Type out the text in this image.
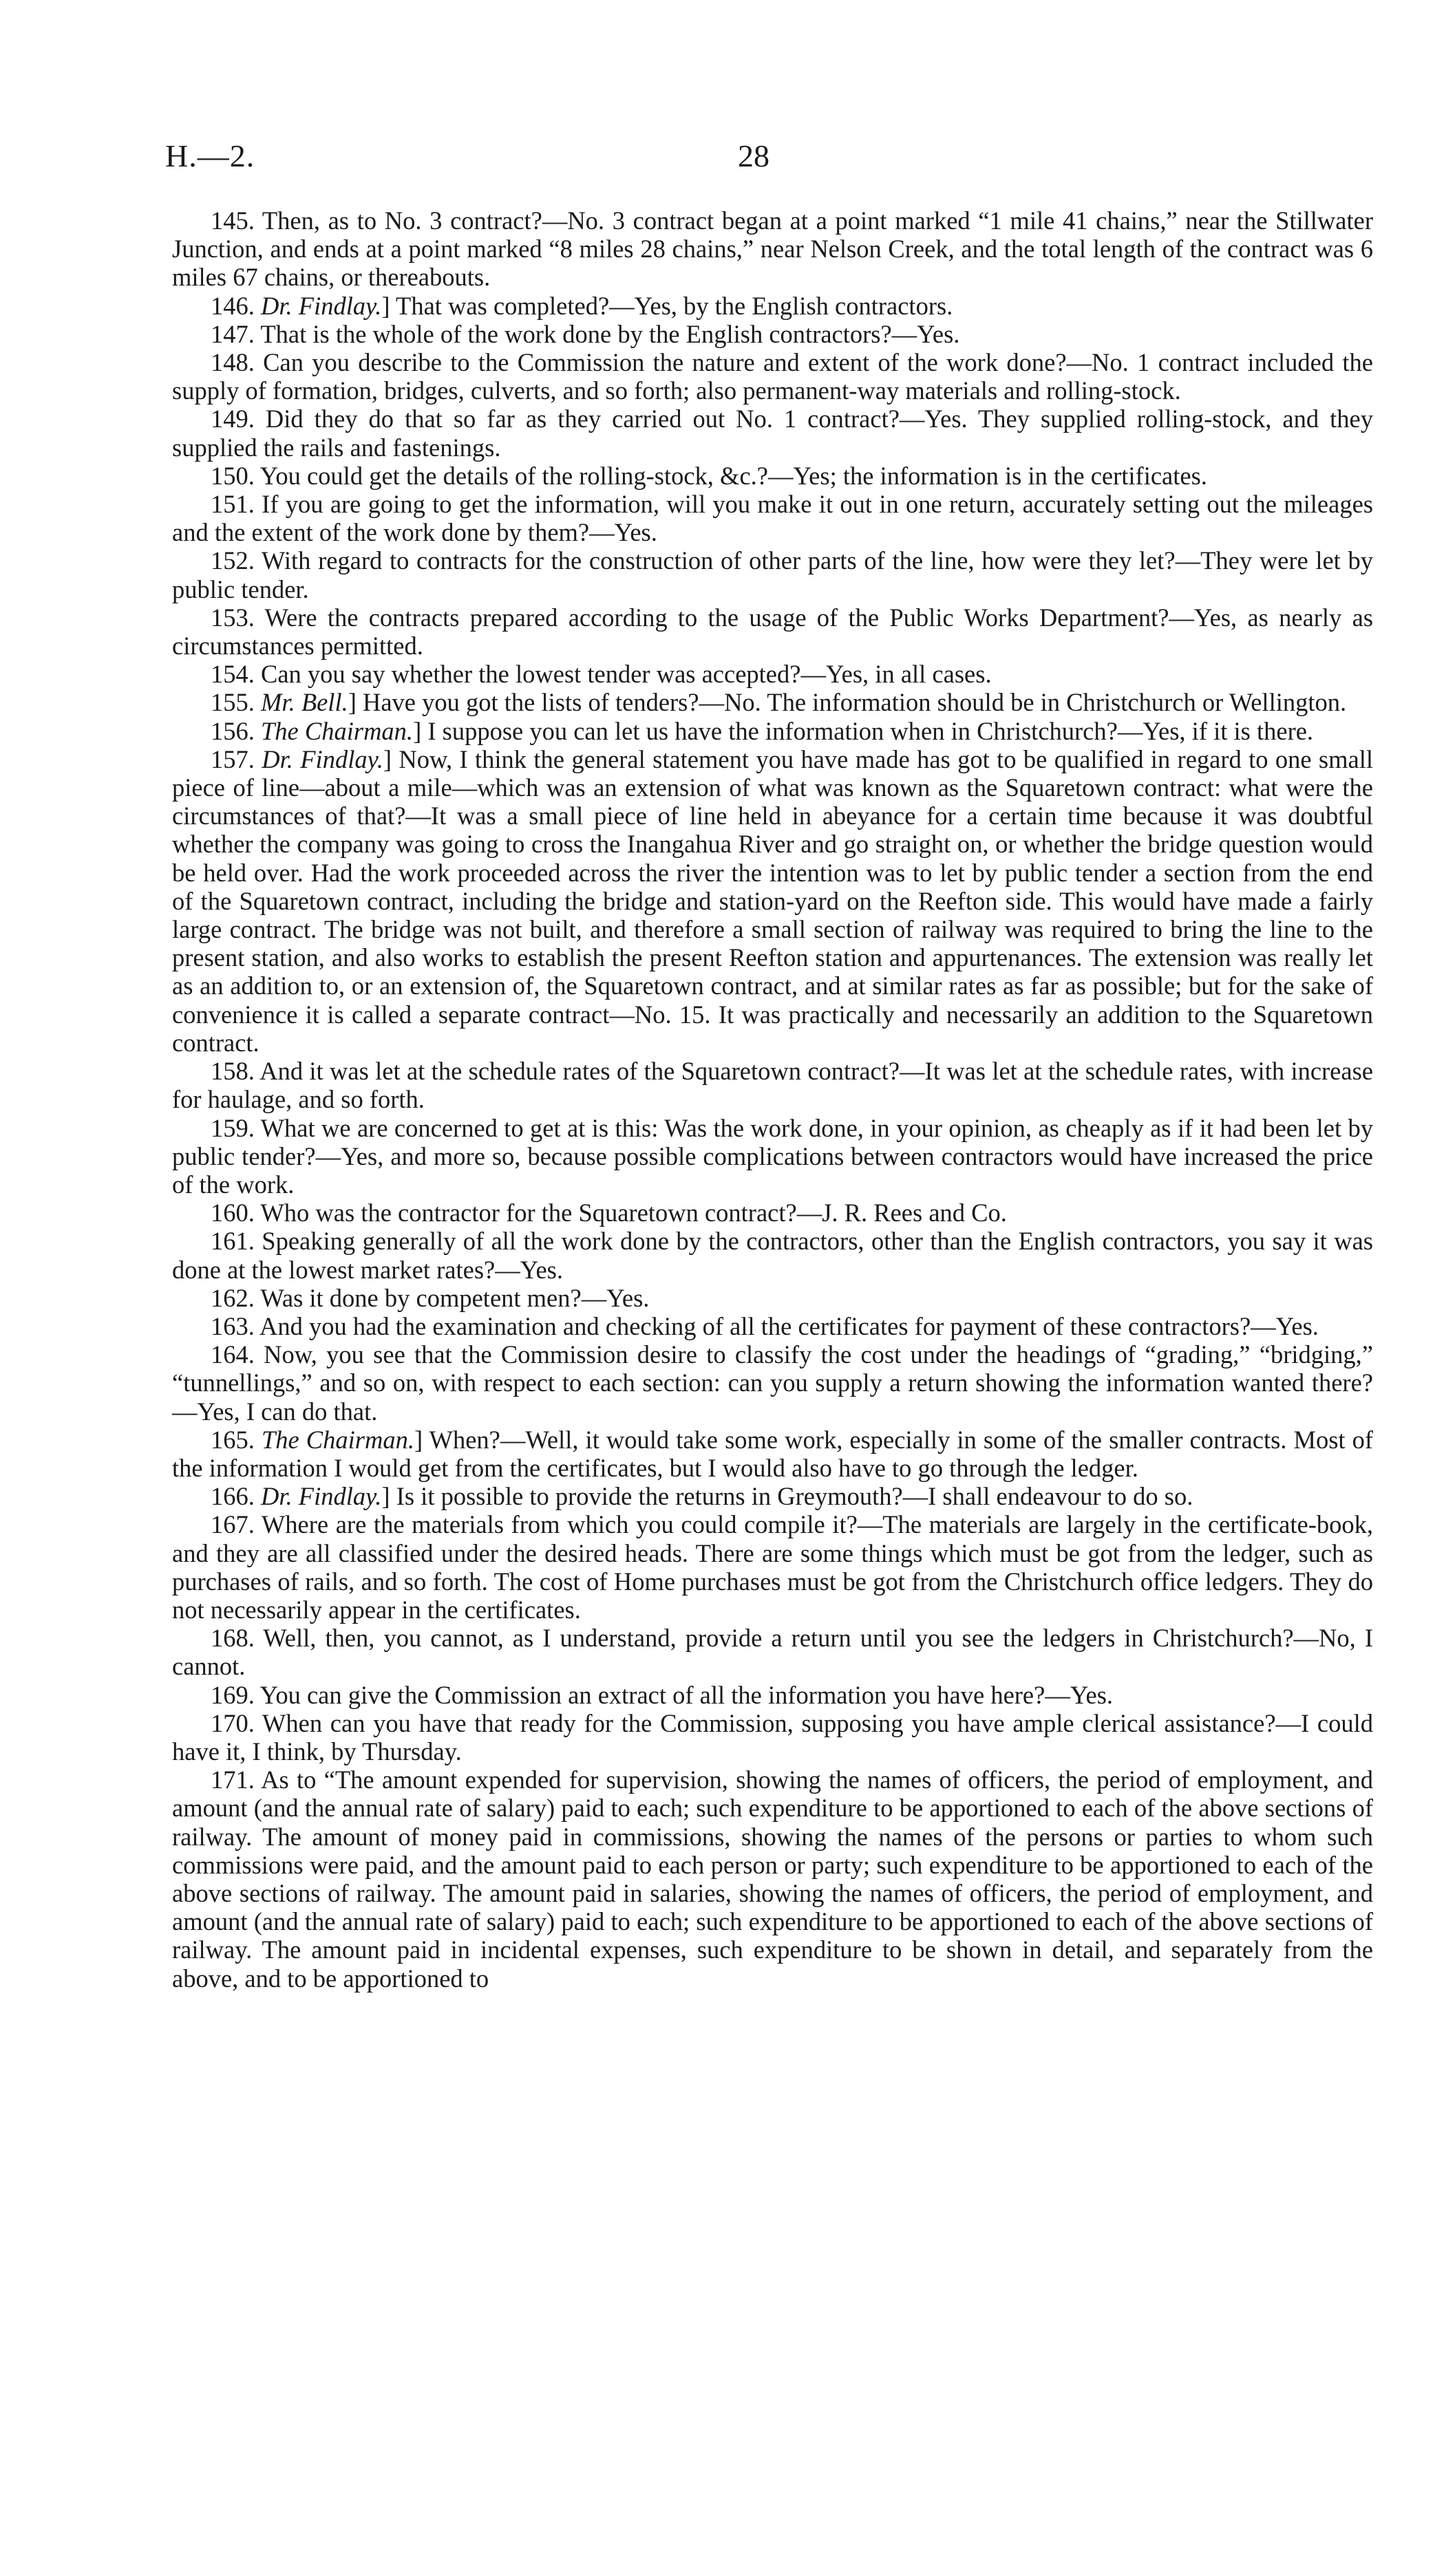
H.—2.	28

145. Then, as to No. 3 contract?—No. 3 contract began at a point marked “1 mile 41 chains,” near the Stillwater Junction, and ends at a point marked “8 miles 28 chains,” near Nelson Creek, and the total length of the contract was 6 miles 67 chains, or thereabouts.

146. Dr. Findlay.] That was completed?—Yes, by the English contractors.

147. That is the whole of the work done by the English contractors?—Yes.

148. Can you describe to the Commission the nature and extent of the work done?—No. 1 contract included the supply of formation, bridges, culverts, and so forth; also permanent-way materials and rolling-stock.

149. Did they do that so far as they carried out No. 1 contract?—Yes. They supplied rolling-stock, and they supplied the rails and fastenings.

150. You could get the details of the rolling-stock, &c.?—Yes; the information is in the certificates.

151. If you are going to get the information, will you make it out in one return, accurately setting out the mileages and the extent of the work done by them?—Yes.

152. With regard to contracts for the construction of other parts of the line, how were they let?—They were let by public tender.

153. Were the contracts prepared according to the usage of the Public Works Department?—Yes, as nearly as circumstances permitted.

154. Can you say whether the lowest tender was accepted?—Yes, in all cases.

155. Mr. Bell.] Have you got the lists of tenders?—No. The information should be in Christchurch or Wellington.

156. The Chairman.] I suppose you can let us have the information when in Christchurch?—Yes, if it is there.

157. Dr. Findlay.] Now, I think the general statement you have made has got to be qualified in regard to one small piece of line—about a mile—which was an extension of what was known as the Squaretown contract: what were the circumstances of that?—It was a small piece of line held in abeyance for a certain time because it was doubtful whether the company was going to cross the Inangahua River and go straight on, or whether the bridge question would be held over. Had the work proceeded across the river the intention was to let by public tender a section from the end of the Squaretown contract, including the bridge and station-yard on the Reefton side. This would have made a fairly large contract. The bridge was not built, and therefore a small section of railway was required to bring the line to the present station, and also works to establish the present Reefton station and appurtenances. The extension was really let as an addition to, or an extension of, the Squaretown contract, and at similar rates as far as possible; but for the sake of convenience it is called a separate contract—No. 15. It was practically and necessarily an addition to the Squaretown contract.

158. And it was let at the schedule rates of the Squaretown contract?—It was let at the schedule rates, with increase for haulage, and so forth.

159. What we are concerned to get at is this: Was the work done, in your opinion, as cheaply as if it had been let by public tender?—Yes, and more so, because possible complications between contractors would have increased the price of the work.

160. Who was the contractor for the Squaretown contract?—J. R. Rees and Co.

161. Speaking generally of all the work done by the contractors, other than the English contractors, you say it was done at the lowest market rates?—Yes.

162. Was it done by competent men?—Yes.

163. And you had the examination and checking of all the certificates for payment of these contractors?—Yes.

164. Now, you see that the Commission desire to classify the cost under the headings of “grading,” “bridging,” “tunnellings,” and so on, with respect to each section: can you supply a return showing the information wanted there?—Yes, I can do that.

165. The Chairman.] When?—Well, it would take some work, especially in some of the smaller contracts. Most of the information I would get from the certificates, but I would also have to go through the ledger.

166. Dr. Findlay.] Is it possible to provide the returns in Greymouth?—I shall endeavour to do so.

167. Where are the materials from which you could compile it?—The materials are largely in the certificate-book, and they are all classified under the desired heads. There are some things which must be got from the ledger, such as purchases of rails, and so forth. The cost of Home purchases must be got from the Christchurch office ledgers. They do not necessarily appear in the certificates.

168. Well, then, you cannot, as I understand, provide a return until you see the ledgers in Christchurch?—No, I cannot.

169. You can give the Commission an extract of all the information you have here?—Yes.

170. When can you have that ready for the Commission, supposing you have ample clerical assistance?—I could have it, I think, by Thursday.

171. As to “The amount expended for supervision, showing the names of officers, the period of employment, and amount (and the annual rate of salary) paid to each; such expenditure to be apportioned to each of the above sections of railway. The amount of money paid in commissions, showing the names of the persons or parties to whom such commissions were paid, and the amount paid to each person or party; such expenditure to be apportioned to each of the above sections of railway. The amount paid in salaries, showing the names of officers, the period of employment, and amount (and the annual rate of salary) paid to each; such expenditure to be apportioned to each of the above sections of railway. The amount paid in incidental expenses, such expenditure to be shown in detail, and separately from the above, and to be apportioned to
